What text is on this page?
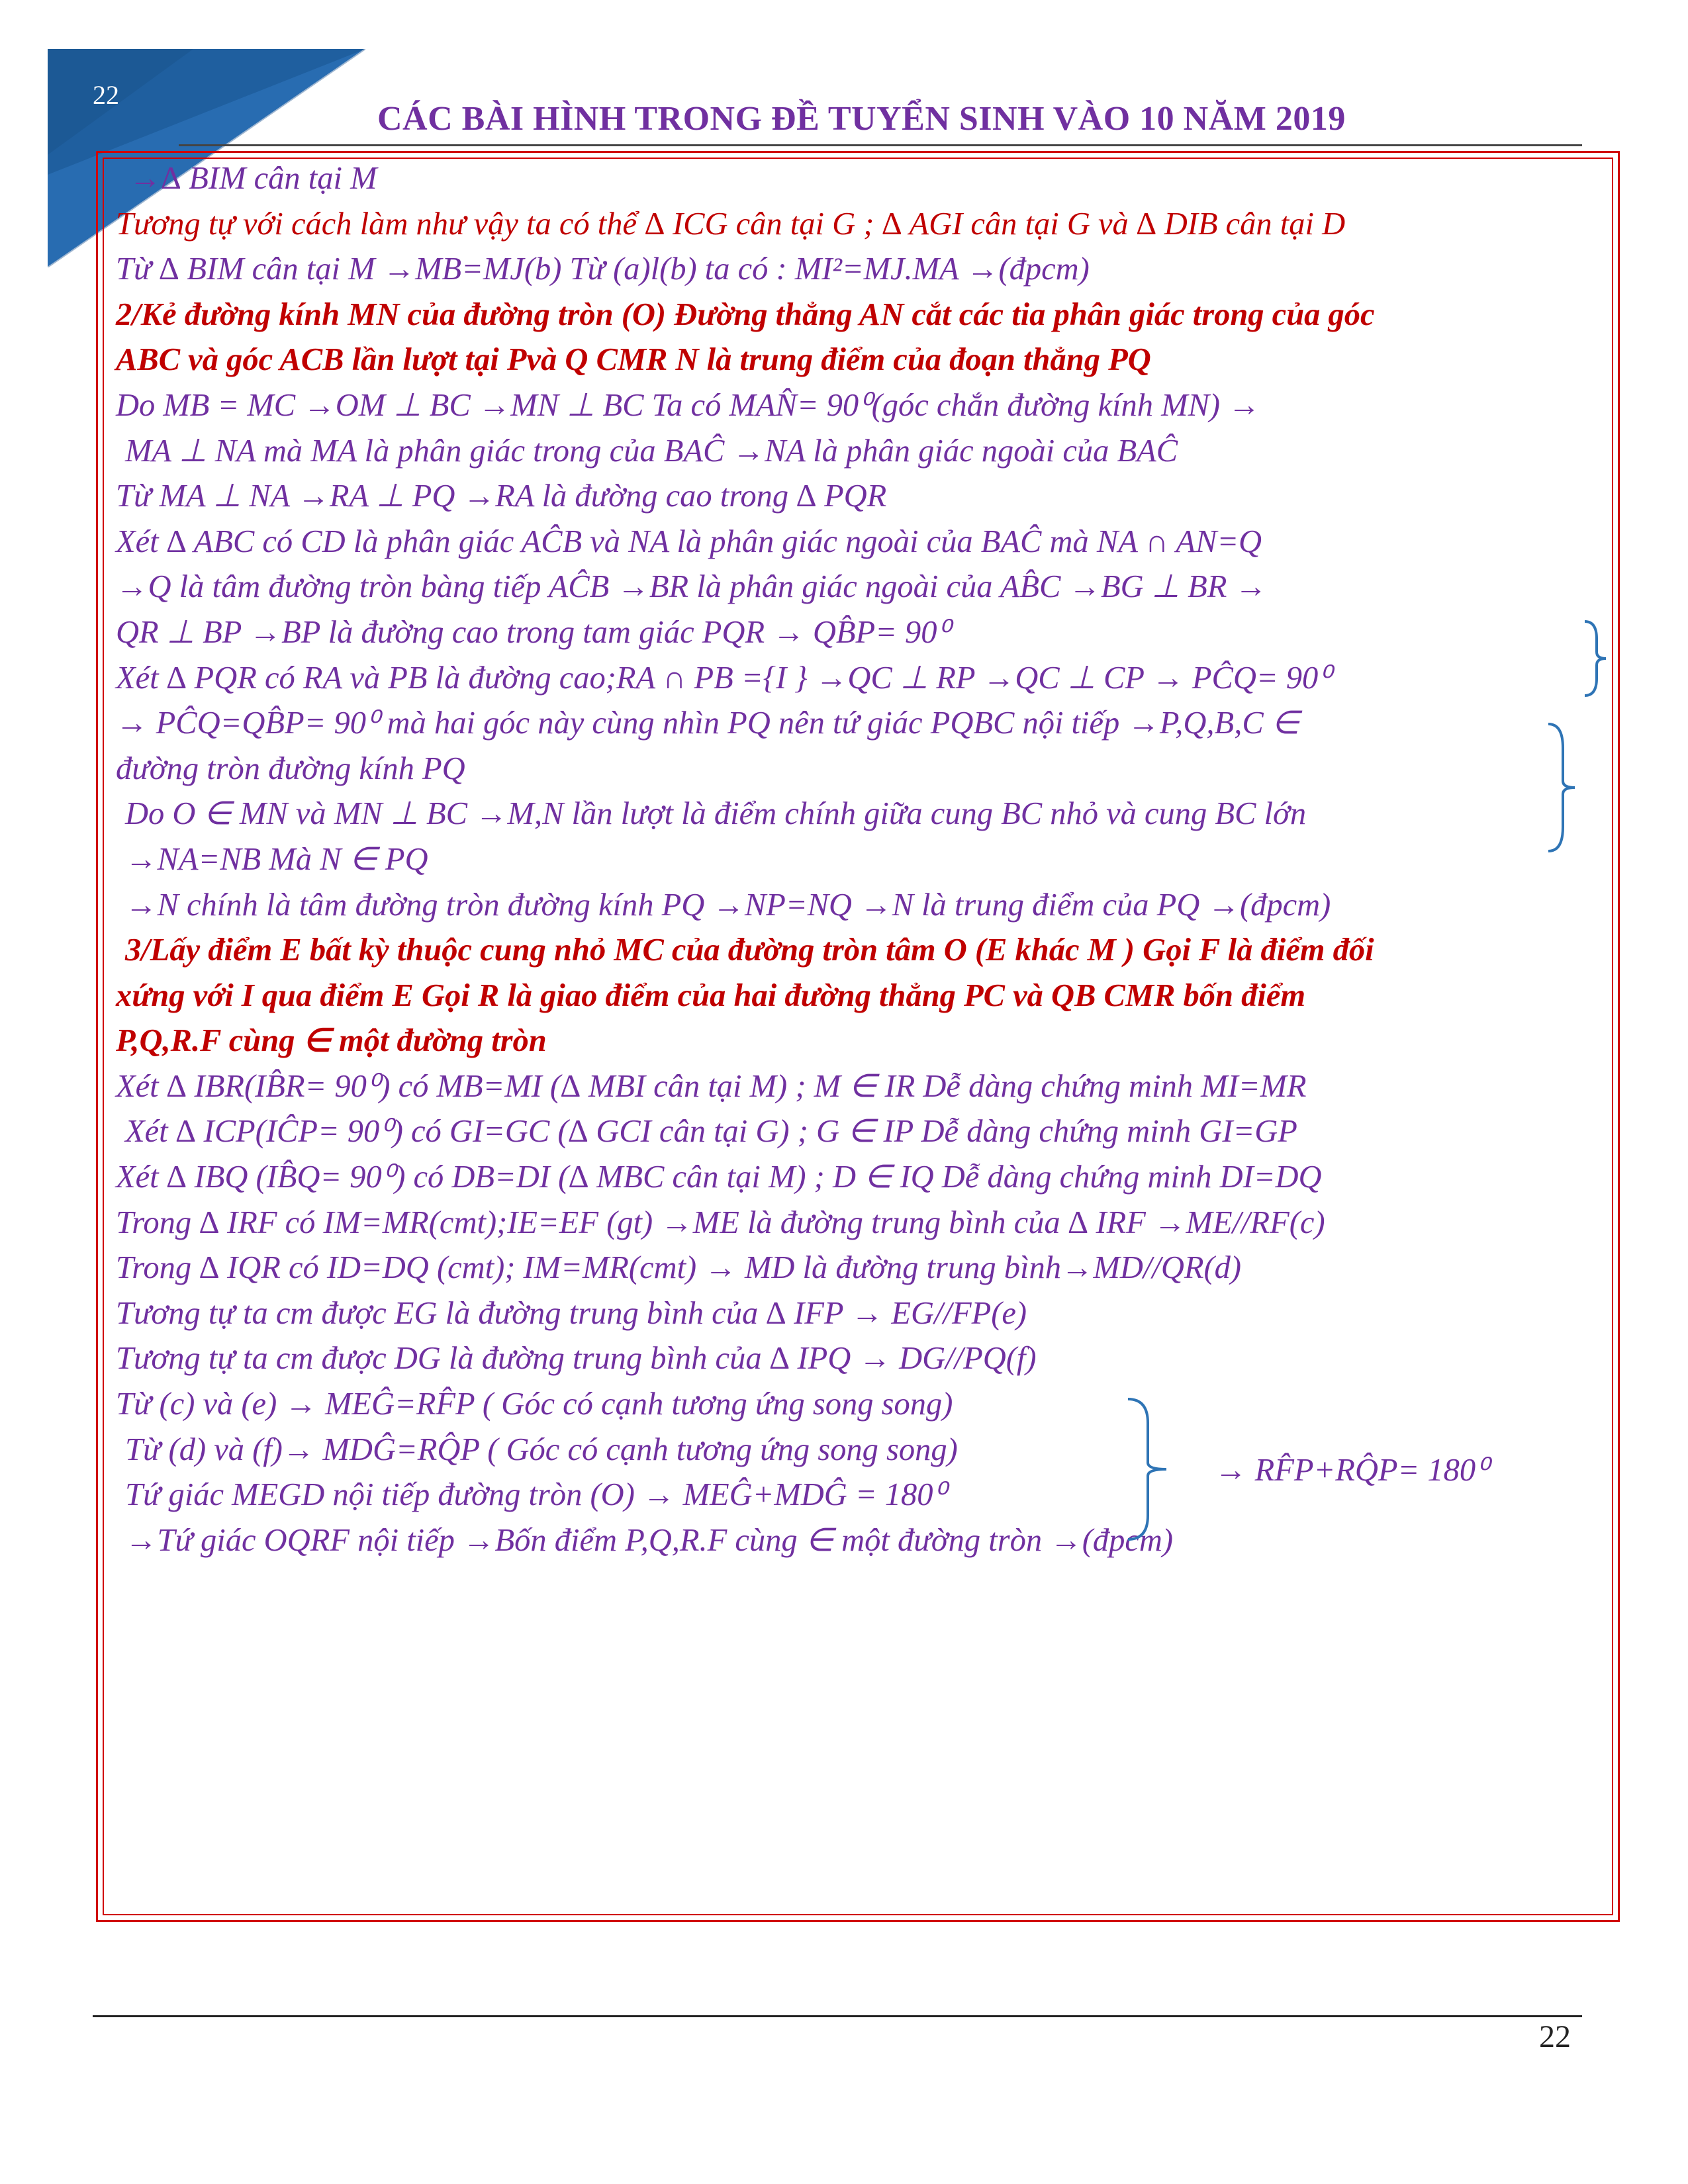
22
CÁC BÀI HÌNH TRONG ĐỀ TUYỂN SINH VÀO 10 NĂM 2019
→∆ BIM cân tại M
Tương tự với cách làm như vậy ta có thể ∆ ICG cân tại G ; ∆ AGI cân tại G và ∆ DIB cân tại D
Từ ∆ BIM cân tại M →MB=MJ(b) Từ (a)l(b) ta có : MI²=MJ.MA →(đpcm)
2/Kẻ đường kính MN của đường tròn (O) Đường thẳng AN cắt các tia phân giác trong của góc
ABC và góc ACB lần lượt tại Pvà Q CMR N là trung điểm của đoạn thẳng PQ
Do MB = MC →OM ⊥ BC →MN ⊥ BC Ta có MAN̂= 90⁰(góc chắn đường kính MN) →
MA ⊥ NA mà MA là phân giác trong của BAĈ →NA là phân giác ngoài của BAĈ
Từ MA ⊥ NA →RA ⊥ PQ →RA là đường cao trong ∆ PQR
Xét ∆ ABC có CD là phân giác AĈB và NA là phân giác ngoài của BAĈ mà NA ∩ AN=Q
→Q là tâm đường tròn bàng tiếp AĈB →BR là phân giác ngoài của AB̂C →BG ⊥ BR →
QR ⊥ BP →BP là đường cao trong tam giác PQR → QB̂P= 90⁰
Xét ∆ PQR có RA và PB là đường cao;RA ∩ PB ={I } →QC ⊥ RP →QC ⊥ CP → PĈQ= 90⁰
→ PĈQ=QB̂P= 90⁰ mà hai góc này cùng nhìn PQ nên tứ giác PQBC nội tiếp →P,Q,B,C ∈
đường tròn đường kính PQ
Do O ∈ MN và MN ⊥ BC →M,N lần lượt là điểm chính giữa cung BC nhỏ và cung BC lớn
→NA=NB Mà N ∈ PQ
→N chính là tâm đường tròn đường kính PQ →NP=NQ →N là trung điểm của PQ →(đpcm)
3/Lấy điểm E bất kỳ thuộc cung nhỏ MC của đường tròn tâm O (E khác M ) Gọi F là điểm đối
xứng với I qua điểm E Gọi R là giao điểm của hai đường thẳng PC và QB CMR bốn điểm
P,Q,R.F cùng ∈ một đường tròn
Xét ∆ IBR(IB̂R= 90⁰) có MB=MI (∆ MBI cân tại M) ; M ∈ IR Dễ dàng chứng minh MI=MR
Xét ∆ ICP(IĈP= 90⁰) có GI=GC (∆ GCI cân tại G) ; G ∈ IP Dễ dàng chứng minh GI=GP
Xét ∆ IBQ (IB̂Q= 90⁰) có DB=DI (∆ MBC cân tại M) ; D ∈ IQ Dễ dàng chứng minh DI=DQ
Trong ∆ IRF có IM=MR(cmt);IE=EF (gt) →ME là đường trung bình của ∆ IRF →ME//RF(c)
Trong ∆ IQR có ID=DQ (cmt); IM=MR(cmt) → MD là đường trung bình→MD//QR(d)
Tương tự ta cm được EG là đường trung bình của ∆ IFP → EG//FP(e)
Tương tự ta cm được DG là đường trung bình của ∆ IPQ → DG//PQ(f)
Từ (c) và (e) → MEĜ=RF̂P ( Góc có cạnh tương ứng song song)
Từ (d) và (f)→ MDĜ=RQ̂P ( Góc có cạnh tương ứng song song)
Tứ giác MEGD nội tiếp đường tròn (O) → MEĜ+MDĜ = 180⁰
→Tứ giác OQRF nội tiếp →Bốn điểm P,Q,R.F cùng ∈ một đường tròn →(đpcm)
→ RF̂P+RQ̂P= 180⁰
22
